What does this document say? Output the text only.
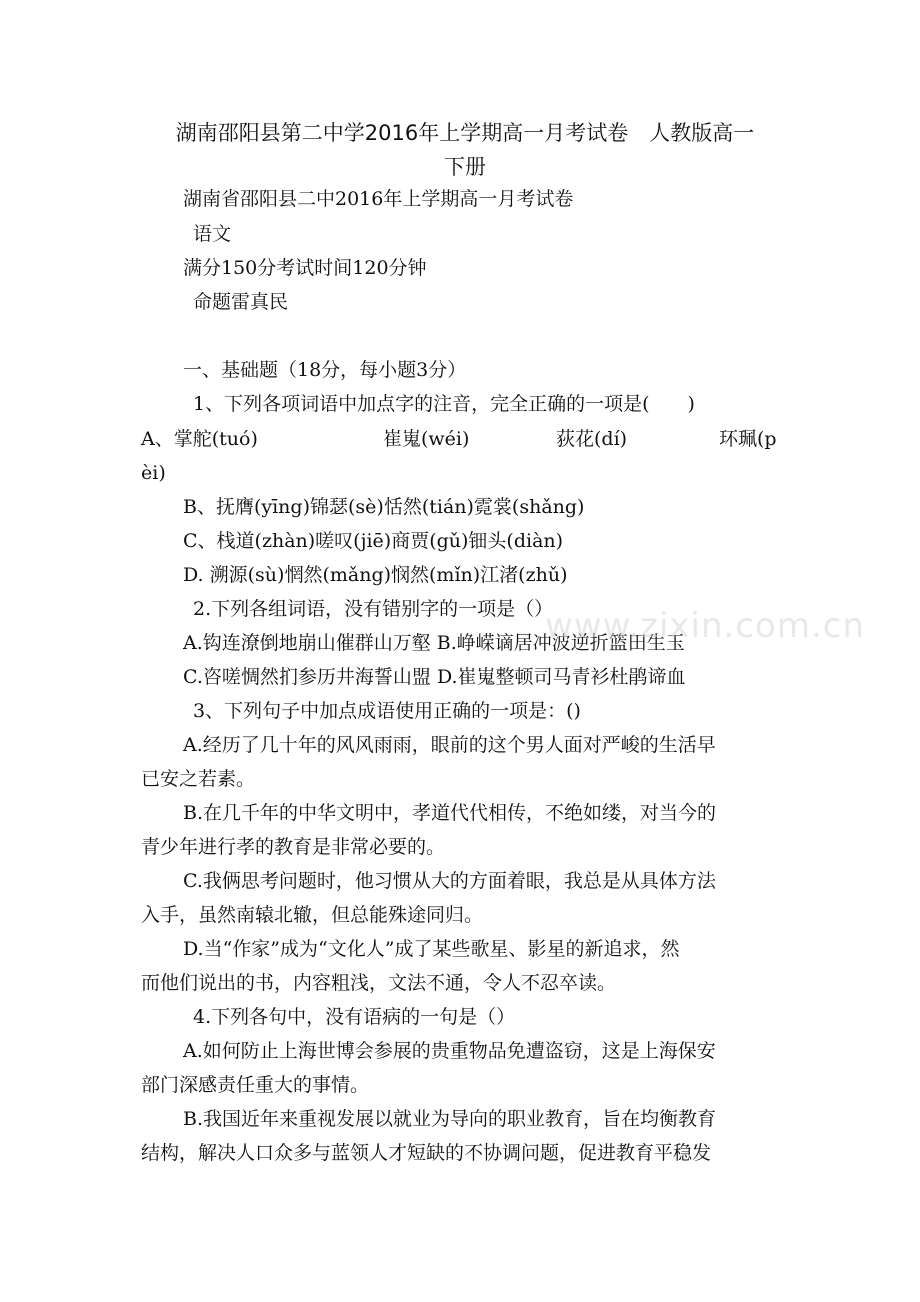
湖南邵阳县第二中学2016年上学期高一月考试卷　人教版高一
下册
湖南省邵阳县二中2016年上学期高一月考试卷
语文
满分150分考试时间120分钟
命题雷真民
一、基础题（18分，每小题3分）
1、下列各项词语中加点字的注音，完全正确的一项是(　　)
A、掌舵(tuó)	崔嵬(wéi)	荻花(dí)	环珮(p
èi)
B、抚膺(yīng)锦瑟(sè)恬然(tián)霓裳(shǎng)
C、栈道(zhàn)嗟叹(jiē)商贾(gǔ)钿头(diàn)
D. 溯源(sù)惘然(mǎng)悯然(mǐn)江渚(zhǔ)
2.下列各组词语，没有错别字的一项是（）
A.钩连潦倒地崩山催群山万壑 B.峥嵘谪居冲波逆折篮田生玉
C.咨嗟惆然扪参历井海誓山盟 D.崔嵬整顿司马青衫杜鹃谛血
3、下列句子中加点成语使用正确的一项是：()
A.经历了几十年的风风雨雨，眼前的这个男人面对严峻的生活早
已安之若素。
B.在几千年的中华文明中，孝道代代相传，不绝如缕，对当今的
青少年进行孝的教育是非常必要的。
C.我俩思考问题时，他习惯从大的方面着眼，我总是从具体方法
入手，虽然南辕北辙，但总能殊途同归。
D.当“作家”成为“文化人”成了某些歌星、影星的新追求，然
而他们说出的书，内容粗浅，文法不通，令人不忍卒读。
4.下列各句中，没有语病的一句是（）
A.如何防止上海世博会参展的贵重物品免遭盗窃，这是上海保安
部门深感责任重大的事情。
B.我国近年来重视发展以就业为导向的职业教育，旨在均衡教育
结构，解决人口众多与蓝领人才短缺的不协调问题，促进教育平稳发
www.zixin.com.cn
